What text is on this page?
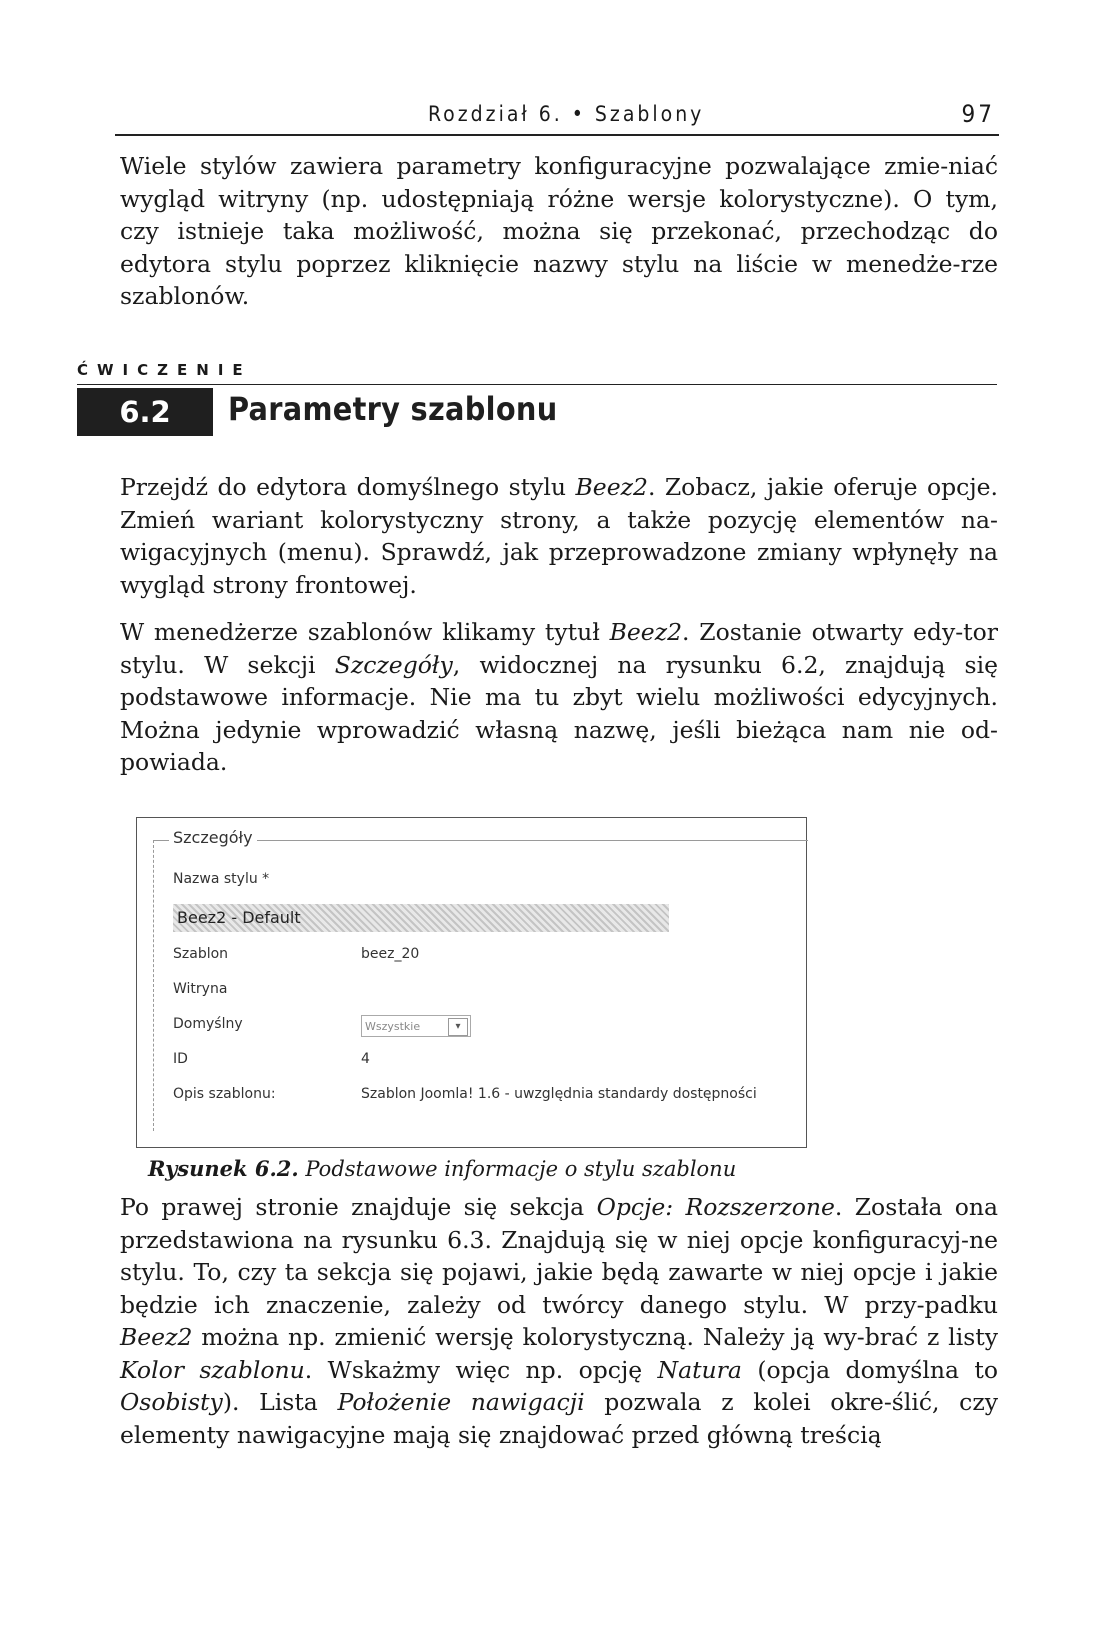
Rozdział 6. • Szablony	97

Wiele stylów zawiera parametry konfiguracyjne pozwalające zmie-niać wygląd witryny (np. udostępniają różne wersje kolorystyczne). O tym, czy istnieje taka możliwość, można się przekonać, przechodząc do edytora stylu poprzez kliknięcie nazwy stylu na liście w menedże-rze szablonów.

ĆWICZENIE
6.2	Parametry szablonu

Przejdź do edytora domyślnego stylu Beez2. Zobacz, jakie oferuje opcje. Zmień wariant kolorystyczny strony, a także pozycję elementów na-wigacyjnych (menu). Sprawdź, jak przeprowadzone zmiany wpłynęły na wygląd strony frontowej.

W menedżerze szablonów klikamy tytuł Beez2. Zostanie otwarty edy-tor stylu. W sekcji Szczegóły, widocznej na rysunku 6.2, znajdują się podstawowe informacje. Nie ma tu zbyt wielu możliwości edycyjnych. Można jedynie wprowadzić własną nazwę, jeśli bieżąca nam nie od-powiada.

Szczegóły
Nazwa stylu *
Beez2 - Default
Szablon	beez_20
Witryna
Domyślny	Wszystkie	▾
ID	4
Opis szablonu:	Szablon Joomla! 1.6 - uwzględnia standardy dostępności
Rysunek 6.2. Podstawowe informacje o stylu szablonu

Po prawej stronie znajduje się sekcja Opcje: Rozszerzone. Została ona przedstawiona na rysunku 6.3. Znajdują się w niej opcje konfiguracyj-ne stylu. To, czy ta sekcja się pojawi, jakie będą zawarte w niej opcje i jakie będzie ich znaczenie, zależy od twórcy danego stylu. W przy-padku Beez2 można np. zmienić wersję kolorystyczną. Należy ją wy-brać z listy Kolor szablonu. Wskażmy więc np. opcję Natura (opcja domyślna to Osobisty). Lista Położenie nawigacji pozwala z kolei okre-ślić, czy elementy nawigacyjne mają się znajdować przed główną treścią
